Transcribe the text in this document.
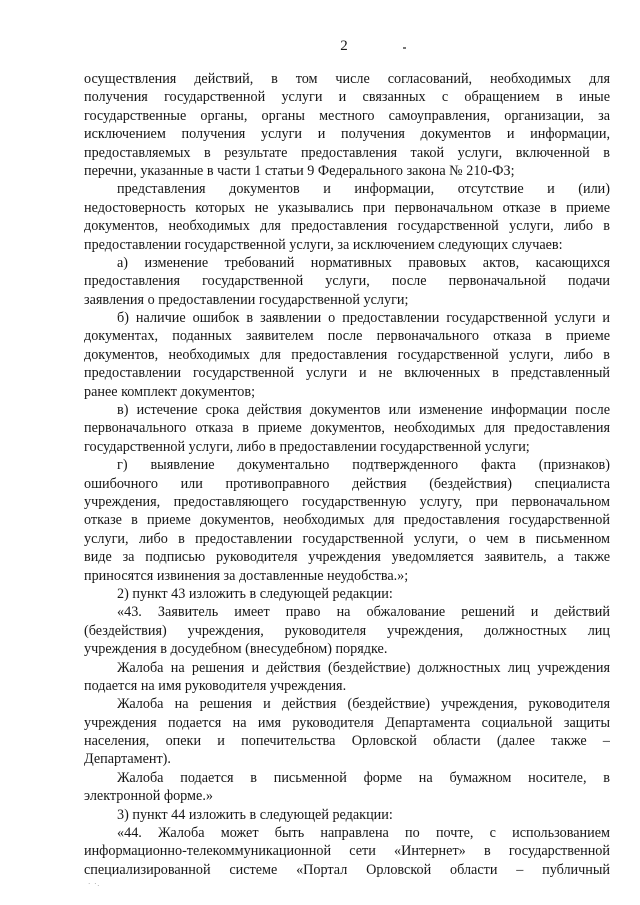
2
осуществления действий, в том числе согласований, необходимых для
получения государственной услуги и связанных с обращением в иные
государственные органы, органы местного самоуправления, организации, за
исключением получения услуги и получения документов и информации,
предоставляемых в результате предоставления такой услуги, включенной в
перечни, указанные в части 1 статьи 9 Федерального закона № 210-ФЗ;
представления документов и информации, отсутствие и (или)
недостоверность которых не указывались при первоначальном отказе в приеме
документов, необходимых для предоставления государственной услуги, либо в
предоставлении государственной услуги, за исключением следующих случаев:
а) изменение требований нормативных правовых актов, касающихся
предоставления государственной услуги, после первоначальной подачи
заявления о предоставлении государственной услуги;
б) наличие ошибок в заявлении о предоставлении государственной услуги и
документах, поданных заявителем после первоначального отказа в приеме
документов, необходимых для предоставления государственной услуги, либо в
предоставлении государственной услуги и не включенных в представленный
ранее комплект документов;
в) истечение срока действия документов или изменение информации после
первоначального отказа в приеме документов, необходимых для предоставления
государственной услуги, либо в предоставлении государственной услуги;
г) выявление документально подтвержденного факта (признаков)
ошибочного или противоправного действия (бездействия) специалиста
учреждения, предоставляющего государственную услугу, при первоначальном
отказе в приеме документов, необходимых для предоставления государственной
услуги, либо в предоставлении государственной услуги, о чем в письменном
виде за подписью руководителя учреждения уведомляется заявитель, а также
приносятся извинения за доставленные неудобства.»;
2) пункт 43 изложить в следующей редакции:
«43. Заявитель имеет право на обжалование решений и действий
(бездействия) учреждения, руководителя учреждения, должностных лиц
учреждения в досудебном (внесудебном) порядке.
Жалоба на решения и действия (бездействие) должностных лиц учреждения
подается на имя руководителя учреждения.
Жалоба на решения и действия (бездействие) учреждения, руководителя
учреждения подается на имя руководителя Департамента социальной защиты
населения, опеки и попечительства Орловской области (далее также –
Департамент).
Жалоба подается в письменной форме на бумажном носителе, в
электронной форме.»
3) пункт 44 изложить в следующей редакции:
«44. Жалоба может быть направлена по почте, с использованием
информационно-телекоммуникационной сети «Интернет» в государственной
специализированной системе «Портал Орловской области – публичный
· ·.
